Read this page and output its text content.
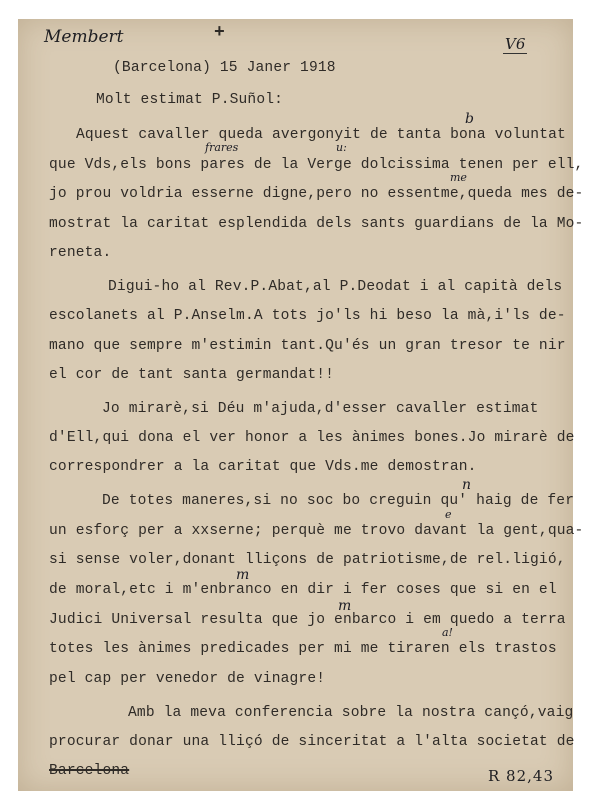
Membert	+
V6
(Barcelona) 15 Janer 1918
Molt estimat P.Suñol:
Aquest cavaller queda avergonyit de tanta bona voluntat
que Vds,els bons pares de la Verge dolcissima tenen per ell,
jo prou voldria esserne digne,pero no essentme,queda mes de-
mostrat la caritat esplendida dels sants guardians de la Mo-
reneta.
Digui-ho al Rev.P.Abat,al P.Deodat i al capità dels
escolanets al P.Anselm.A tots jo'ls hi beso la mà,i'ls de-
mano que sempre m'estimin tant.Qu'és un gran tresor te nir
el cor de tant santa germandat!!
Jo mirarè,si Déu m'ajuda,d'esser cavaller estimat
d'Ell,qui dona el ver honor a les ànimes bones.Jo mirarè de
correspondrer a la caritat que Vds.me demostran.
De totes maneres,si no soc bo creguin qu' haig de fer
un esforç per a xxserne; perquè me trovo davant la gent,qua-
si sense voler,donant lliçons de patriotisme,de rel.ligió,
de moral,etc i m'enbranco en dir i fer coses que si en el
Judici Universal resulta que jo enbarco i em quedo a terra
totes les ànimes predicades per mi me tiraren els trastos
pel cap per venedor de vinagre!
Amb la meva conferencia sobre la nostra cançó,vaig
procurar donar una lliçó de sinceritat a l'alta societat de
Barcelona
frares
b
u:
me
n
e
m
m
a!
R 82,43
